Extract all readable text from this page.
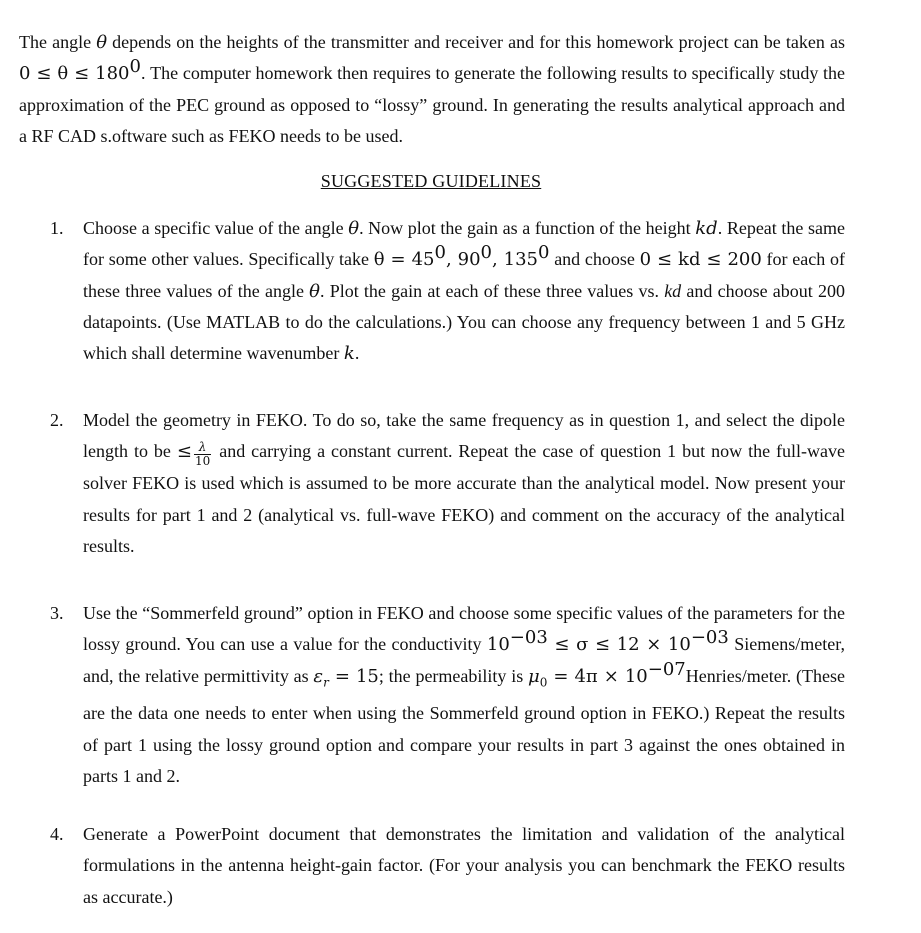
The angle θ depends on the heights of the transmitter and receiver and for this homework project can be taken as $0 \le \theta \le 180^0$. The computer homework then requires to generate the following results to specifically study the approximation of the PEC ground as opposed to “lossy” ground. In generating the results analytical approach and a RF CAD s.oftware such as FEKO needs to be used.

SUGGESTED GUIDELINES
1. Choose a specific value of the angle θ. Now plot the gain as a function of the height kd. Repeat the same for some other values. Specifically take $\theta = 45^0$, $90^0$, $135^0$ and choose 0 ≤ kd ≤ 200 for each of these three values of the angle θ. Plot the gain at each of these three values vs. kd and choose about 200 datapoints. (Use MATLAB to do the calculations.) You can choose any frequency between 1 and 5 GHz which shall determine wavenumber k.

2. Model the geometry in FEKO. To do so, take the same frequency as in question 1, and select the dipole length to be ≤ $\frac{\lambda}{10}$ and carrying a constant current. Repeat the case of question 1 but now the full-wave solver FEKO is used which is assumed to be more accurate than the analytical model. Now present your results for part 1 and 2 (analytical vs. full-wave FEKO) and comment on the accuracy of the analytical results.

3. Use the “Sommerfeld ground” option in FEKO and choose some specific values of the parameters for the lossy ground. You can use a value for the conductivity $10^{-03} \le \sigma \le 12 \times 10^{-03}$ Siemens/meter, and, the relative permittivity as $\varepsilon_r = 15$; the permeability is $\mu_0 = 4\pi$ × $10^{-07}Henries$/meter. (These are the data one needs to enter when using the Sommerfeld ground option in FEKO.) Repeat the results of part 1 using the lossy ground option and compare your results in part 3 against the ones obtained in parts 1 and 2.

4. Generate a PowerPoint document that demonstrates the limitation and validation of the analytical formulations in the antenna height-gain factor. (For your analysis you can benchmark the FEKO results as accurate.)
